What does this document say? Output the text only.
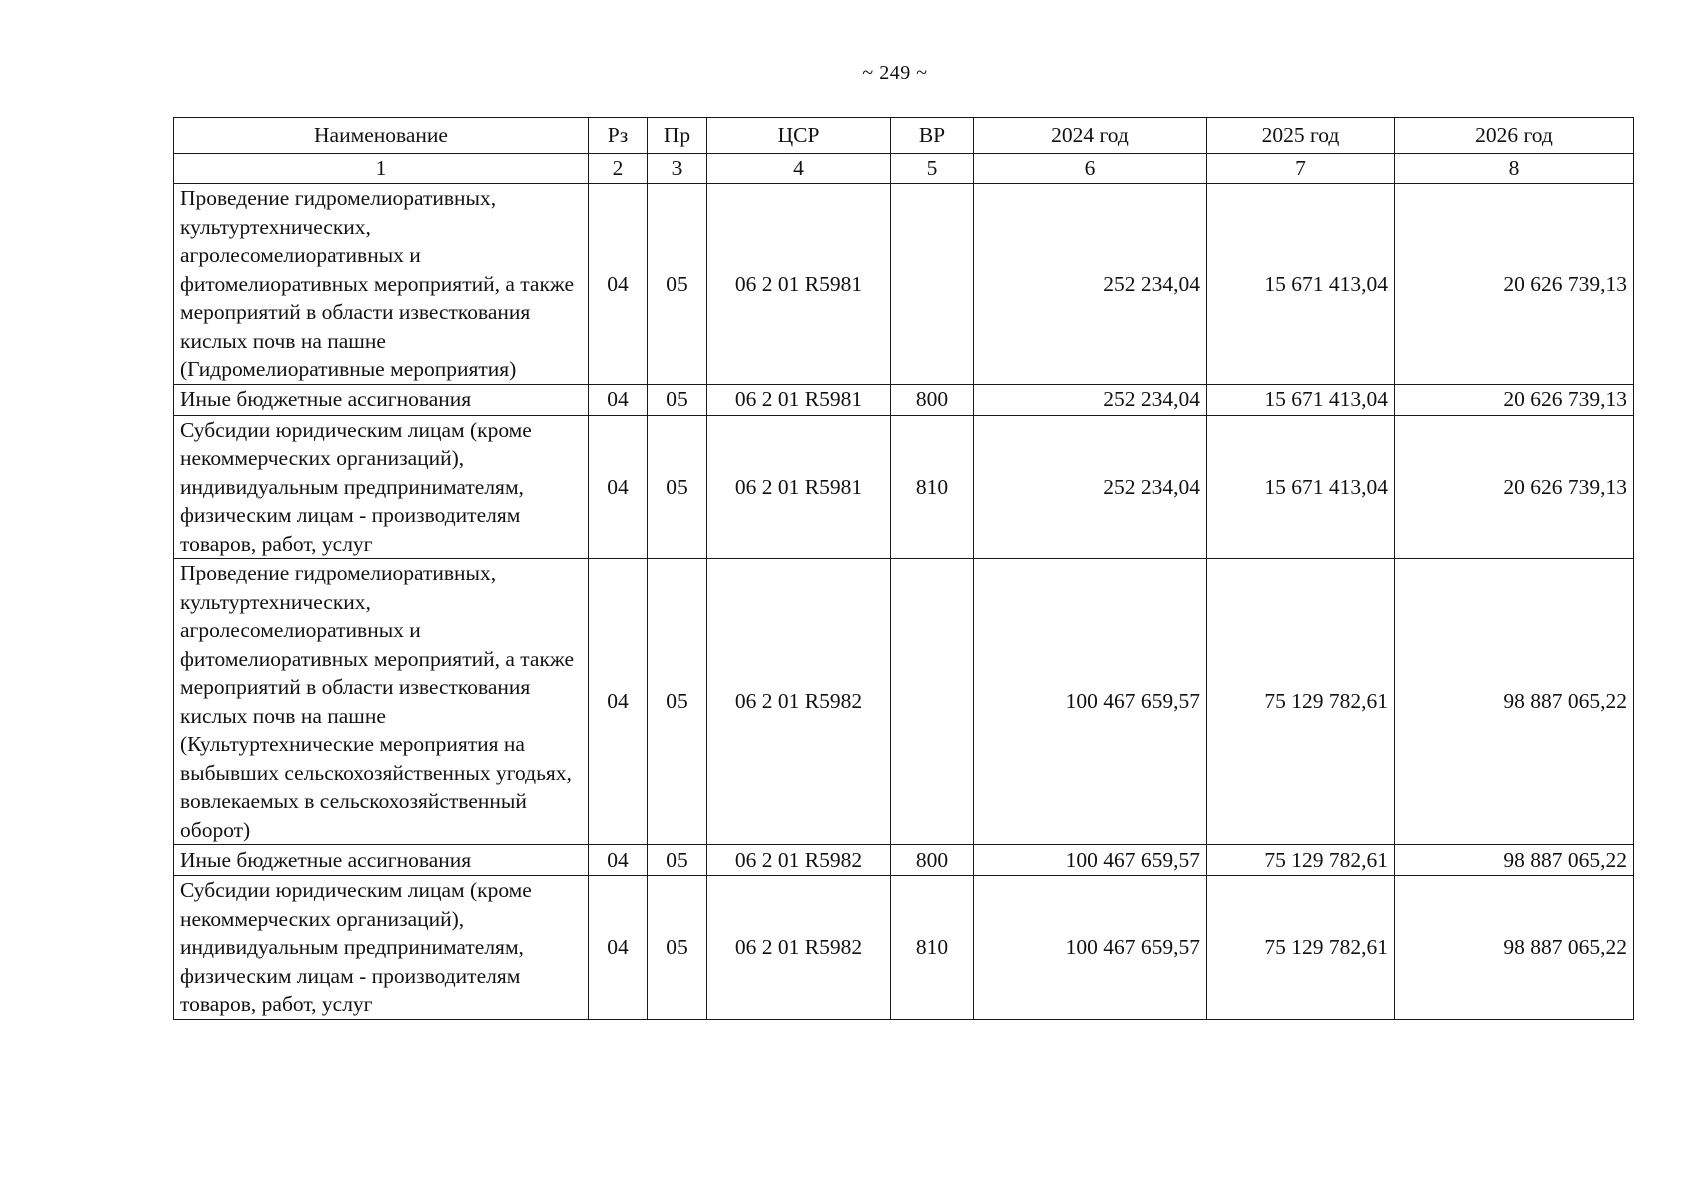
~ 249 ~
Наименование	Рз	Пр	ЦСР	ВР	2024 год	2025 год	2026 год
1	2	3	4	5	6	7	8
Проведение гидромелиоративных, культуртехнических, агролесомелиоративных и фитомелиоративных мероприятий, а также мероприятий в области известкования кислых почв на пашне (Гидромелиоративные мероприятия)	04	05	06 2 01 R5981		252 234,04	15 671 413,04	20 626 739,13
Иные бюджетные ассигнования	04	05	06 2 01 R5981	800	252 234,04	15 671 413,04	20 626 739,13
Субсидии юридическим лицам (кроме некоммерческих организаций), индивидуальным предпринимателям, физическим лицам - производителям товаров, работ, услуг	04	05	06 2 01 R5981	810	252 234,04	15 671 413,04	20 626 739,13
Проведение гидромелиоративных, культуртехнических, агролесомелиоративных и фитомелиоративных мероприятий, а также мероприятий в области известкования кислых почв на пашне (Культуртехнические мероприятия на выбывших сельскохозяйственных угодьях, вовлекаемых в сельскохозяйственный оборот)	04	05	06 2 01 R5982		100 467 659,57	75 129 782,61	98 887 065,22
Иные бюджетные ассигнования	04	05	06 2 01 R5982	800	100 467 659,57	75 129 782,61	98 887 065,22
Субсидии юридическим лицам (кроме некоммерческих организаций), индивидуальным предпринимателям, физическим лицам - производителям товаров, работ, услуг	04	05	06 2 01 R5982	810	100 467 659,57	75 129 782,61	98 887 065,22
